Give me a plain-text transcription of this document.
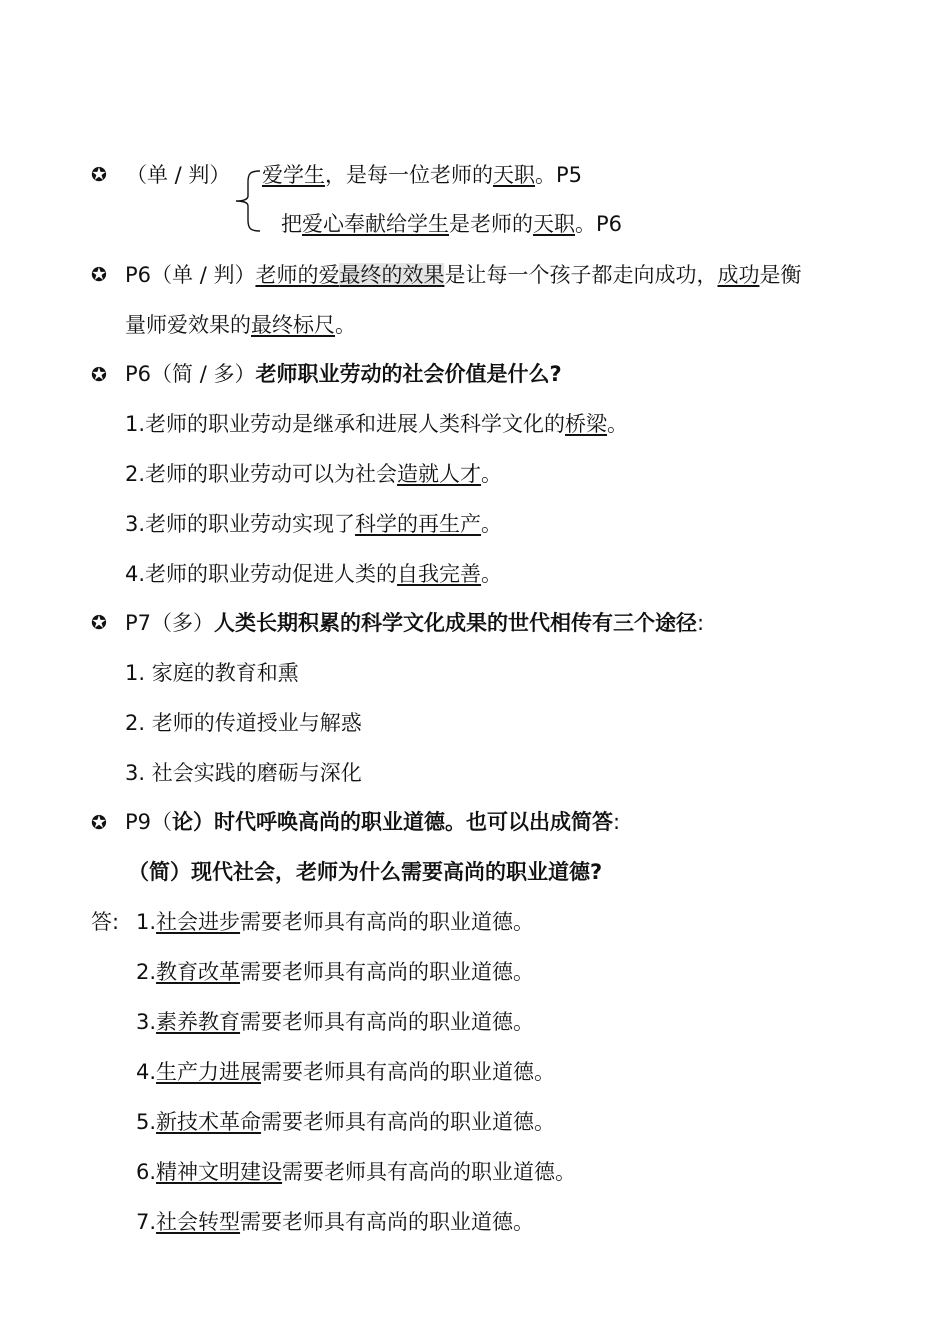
✪ （单 / 判） 爱学生，是每一位老师的天职。P5
把爱心奉献给学生是老师的天职。P6
✪ P6（单 / 判）老师的爱最终的效果是让每一个孩子都走向成功，成功是衡
量师爱效果的最终标尺。
✪ P6（简 / 多）老师职业劳动的社会价值是什么?
1.老师的职业劳动是继承和进展人类科学文化的桥梁。
2.老师的职业劳动可以为社会造就人才。
3.老师的职业劳动实现了科学的再生产。
4.老师的职业劳动促进人类的自我完善。
✪ P7（多）人类长期积累的科学文化成果的世代相传有三个途径:
1. 家庭的教育和熏
2. 老师的传道授业与解惑
3. 社会实践的磨砺与深化
✪ P9（论）时代呼唤高尚的职业道德。也可以出成简答:
（简）现代社会，老师为什么需要高尚的职业道德?
答: 1.社会进步需要老师具有高尚的职业道德。
2.教育改革需要老师具有高尚的职业道德。
3.素养教育需要老师具有高尚的职业道德。
4.生产力进展需要老师具有高尚的职业道德。
5.新技术革命需要老师具有高尚的职业道德。
6.精神文明建设需要老师具有高尚的职业道德。
7.社会转型需要老师具有高尚的职业道德。
